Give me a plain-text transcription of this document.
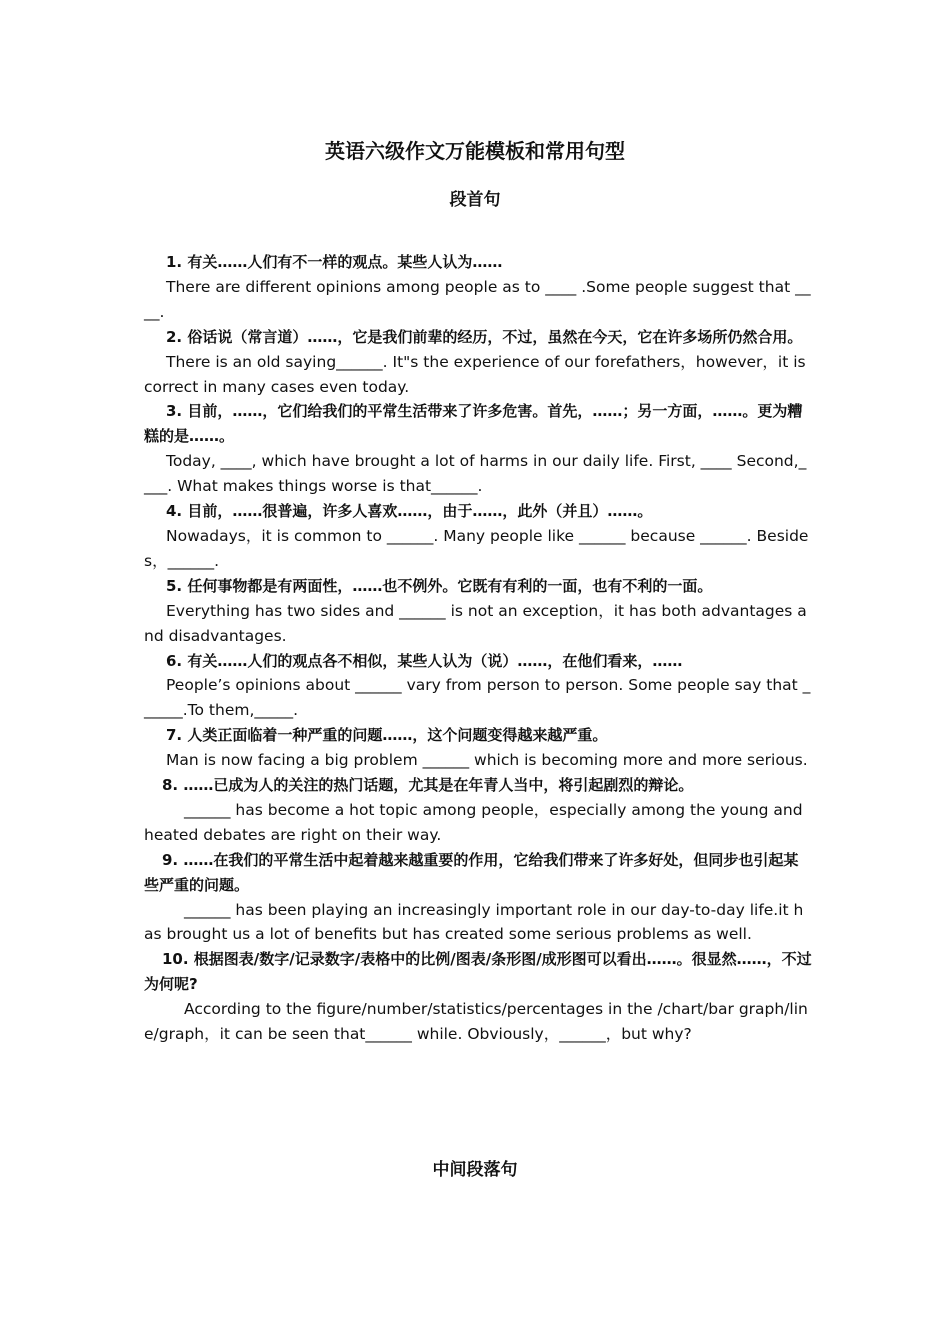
英语六级作文万能模板和常用句型
段首句

1. 有关……人们有不一样的观点。某些人认为……

There are different opinions among people as to ____ .Some people suggest that ____.

2. 俗话说（常言道）……，它是我们前辈的经历，不过，虽然在今天，它在许多场所仍然合用。

There is an old saying______. It"s the experience of our forefathers，however，it is correct in many cases even today.

3. 目前，……，它们给我们的平常生活带来了许多危害。首先，……；另一方面，……。更为糟糕的是……。

Today, ____, which have brought a lot of harms in our daily life. First, ____ Second,____. What makes things worse is that______.

4. 目前，……很普遍，许多人喜欢……，由于……，此外（并且）……。

Nowadays，it is common to ______. Many people like ______ because ______. Besides，______.

5. 任何事物都是有两面性，……也不例外。它既有有利的一面，也有不利的一面。

Everything has two sides and ______ is not an exception，it has both advantages and disadvantages.

6. 有关……人们的观点各不相似，某些人认为（说）……，在他们看来，……

People’s opinions about ______ vary from person to person. Some people say that ______.To them,_____.

7. 人类正面临着一种严重的问题……，这个问题变得越来越严重。

Man is now facing a big problem ______ which is becoming more and more serious.

8. ……已成为人的关注的热门话题，尤其是在年青人当中，将引起剧烈的辩论。

______ has become a hot topic among people，especially among the young and heated debates are right on their way.

9. ……在我们的平常生活中起着越来越重要的作用，它给我们带来了许多好处，但同步也引起某些严重的问题。

______ has been playing an increasingly important role in our day-to-day life.it has brought us a lot of benefits but has created some serious problems as well.

10. 根据图表/数字/记录数字/表格中的比例/图表/条形图/成形图可以看出……。很显然……，不过为何呢?

According to the figure/number/statistics/percentages in the /chart/bar graph/line/graph，it can be seen that______ while. Obviously，______，but why?

中间段落句
